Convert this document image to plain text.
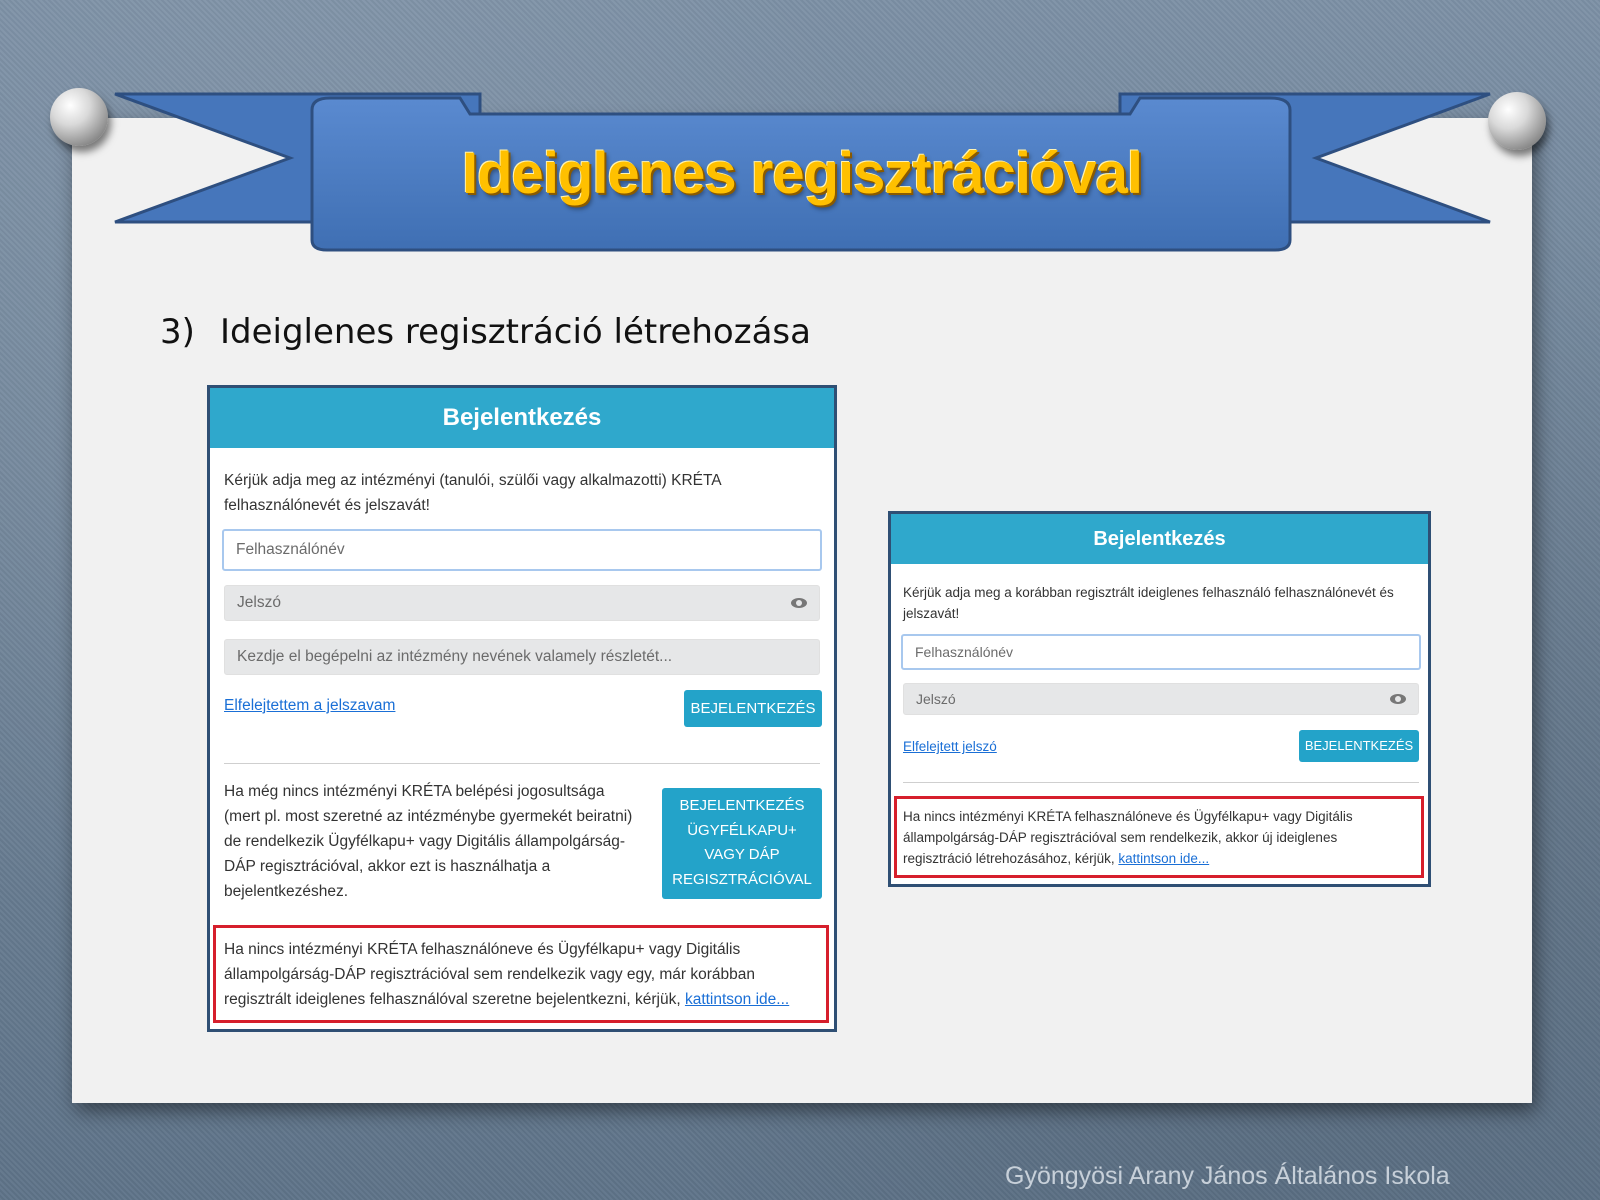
Ideiglenes regisztrációval
3) Ideiglenes regisztráció létrehozása
Bejelentkezés
Kérjük adja meg az intézményi (tanulói, szülői vagy alkalmazotti) KRÉTA
felhasználónevét és jelszavát!
Felhasználónév
Jelszó
Kezdje el begépelni az intézmény nevének valamely részletét...
Elfelejtettem a jelszavam	BEJELENTKEZÉS
Ha még nincs intézményi KRÉTA belépési jogosultsága
(mert pl. most szeretné az intézménybe gyermekét beiratni)
de rendelkezik Ügyfélkapu+ vagy Digitális állampolgárság-
DÁP regisztrációval, akkor ezt is használhatja a
bejelentkezéshez.
BEJELENTKEZÉS
ÜGYFÉLKAPU+
VAGY DÁP
REGISZTRÁCIÓVAL
Ha nincs intézményi KRÉTA felhasználóneve és Ügyfélkapu+ vagy Digitális
állampolgárság-DÁP regisztrációval sem rendelkezik vagy egy, már korábban
regisztrált ideiglenes felhasználóval szeretne bejelentkezni, kérjük, kattintson ide...
Bejelentkezés
Kérjük adja meg a korábban regisztrált ideiglenes felhasználó felhasználónevét és
jelszavát!
Felhasználónév
Jelszó
Elfelejtett jelszó	BEJELENTKEZÉS
Ha nincs intézményi KRÉTA felhasználóneve és Ügyfélkapu+ vagy Digitális
állampolgárság-DÁP regisztrációval sem rendelkezik, akkor új ideiglenes
regisztráció létrehozásához, kérjük, kattintson ide...
Gyöngyösi Arany János Általános Iskola
